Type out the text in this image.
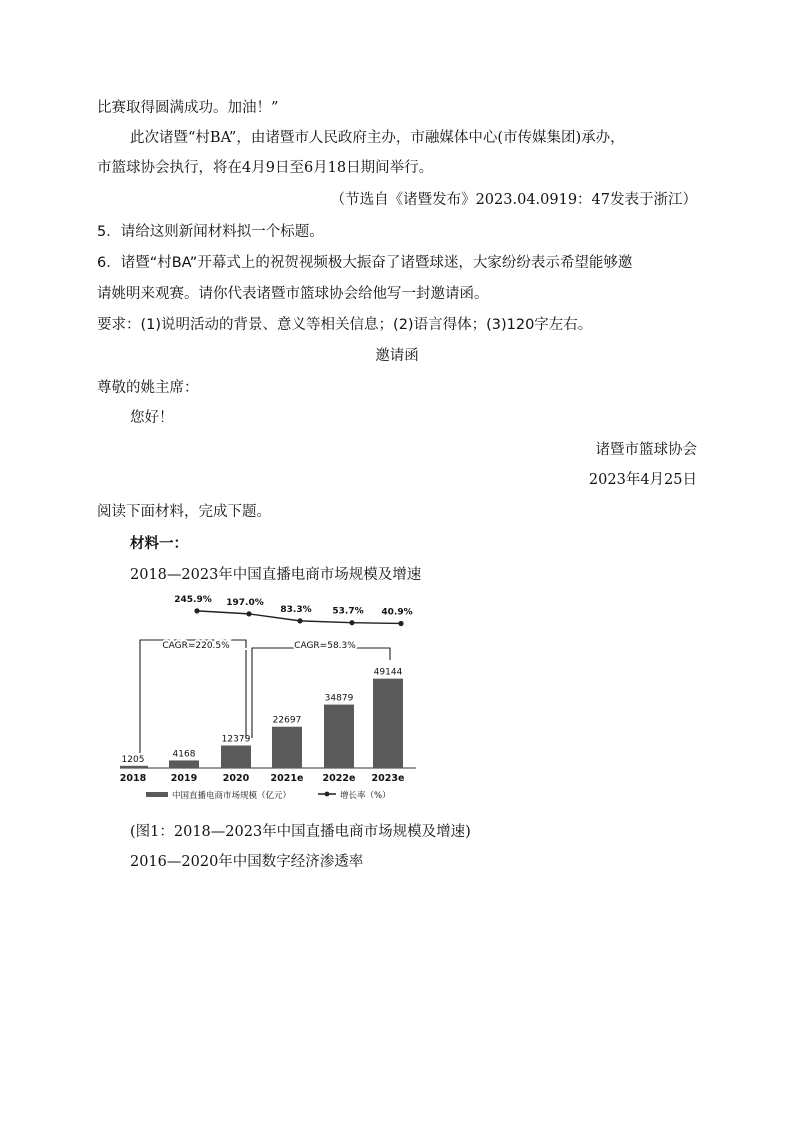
比赛取得圆满成功。加油！”
此次诸暨“村BA”，由诸暨市人民政府主办，市融媒体中心(市传媒集团)承办，
市篮球协会执行，将在4月9日至6月18日期间举行。
（节选自《诸暨发布》2023.04.0919：47发表于浙江）
5．请给这则新闻材料拟一个标题。
6．诸暨“村BA”开幕式上的祝贺视频极大振奋了诸暨球迷，大家纷纷表示希望能够邀
请姚明来观赛。请你代表诸暨市篮球协会给他写一封邀请函。
要求：(1)说明活动的背景、意义等相关信息；(2)语言得体；(3)120字左右。
邀请函
尊敬的姚主席：
您好！
诸暨市篮球协会
2023年4月25日
阅读下面材料，完成下题。
材料一：
2018—2023年中国直播电商市场规模及增速
1205
2018
4168
2019
12379
2020
22697
2021e
34879
2022e
49144
2023e
245.9% 197.0%
83.3% 53.7% 40.9%
CAGR=220.5%	CAGR=58.3%
中国直播电商市场规模（亿元）	增长率（%）
(图1：2018—2023年中国直播电商市场规模及增速)
2016—2020年中国数字经济渗透率
